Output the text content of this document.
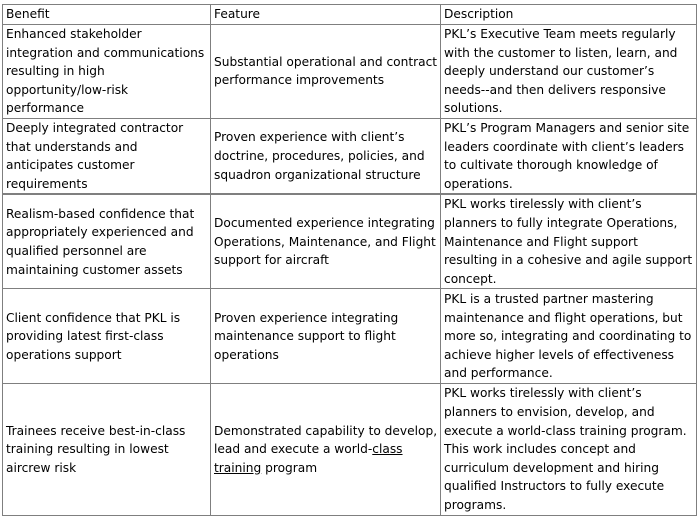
Benefit	Feature	Description
Enhanced stakeholder integration and communications resulting in high opportunity/low-risk performance	Substantial operational and contract performance improvements	PKL’s Executive Team meets regularly with the customer to listen, learn, and deeply understand our customer’s needs--and then delivers responsive solutions.
Deeply integrated contractor that understands and anticipates customer requirements	Proven experience with client’s doctrine, procedures, policies, and squadron organizational structure	PKL’s Program Managers and senior site leaders coordinate with client’s leaders to cultivate thorough knowledge of operations.
Realism-based confidence that appropriately experienced and qualified personnel are maintaining customer assets	Documented experience integrating Operations, Maintenance, and Flight support for aircraft	PKL works tirelessly with client’s planners to fully integrate Operations, Maintenance and Flight support resulting in a cohesive and agile support concept.
Client confidence that PKL is providing latest first-class operations support	Proven experience integrating maintenance support to flight operations	PKL is a trusted partner mastering maintenance and flight operations, but more so, integrating and coordinating to achieve higher levels of effectiveness and performance.
Trainees receive best-in-class training resulting in lowest aircrew risk	Demonstrated capability to develop, lead and execute a world-class training program	PKL works tirelessly with client’s planners to envision, develop, and execute a world-class training program. This work includes concept and curriculum development and hiring qualified Instructors to fully execute programs.
